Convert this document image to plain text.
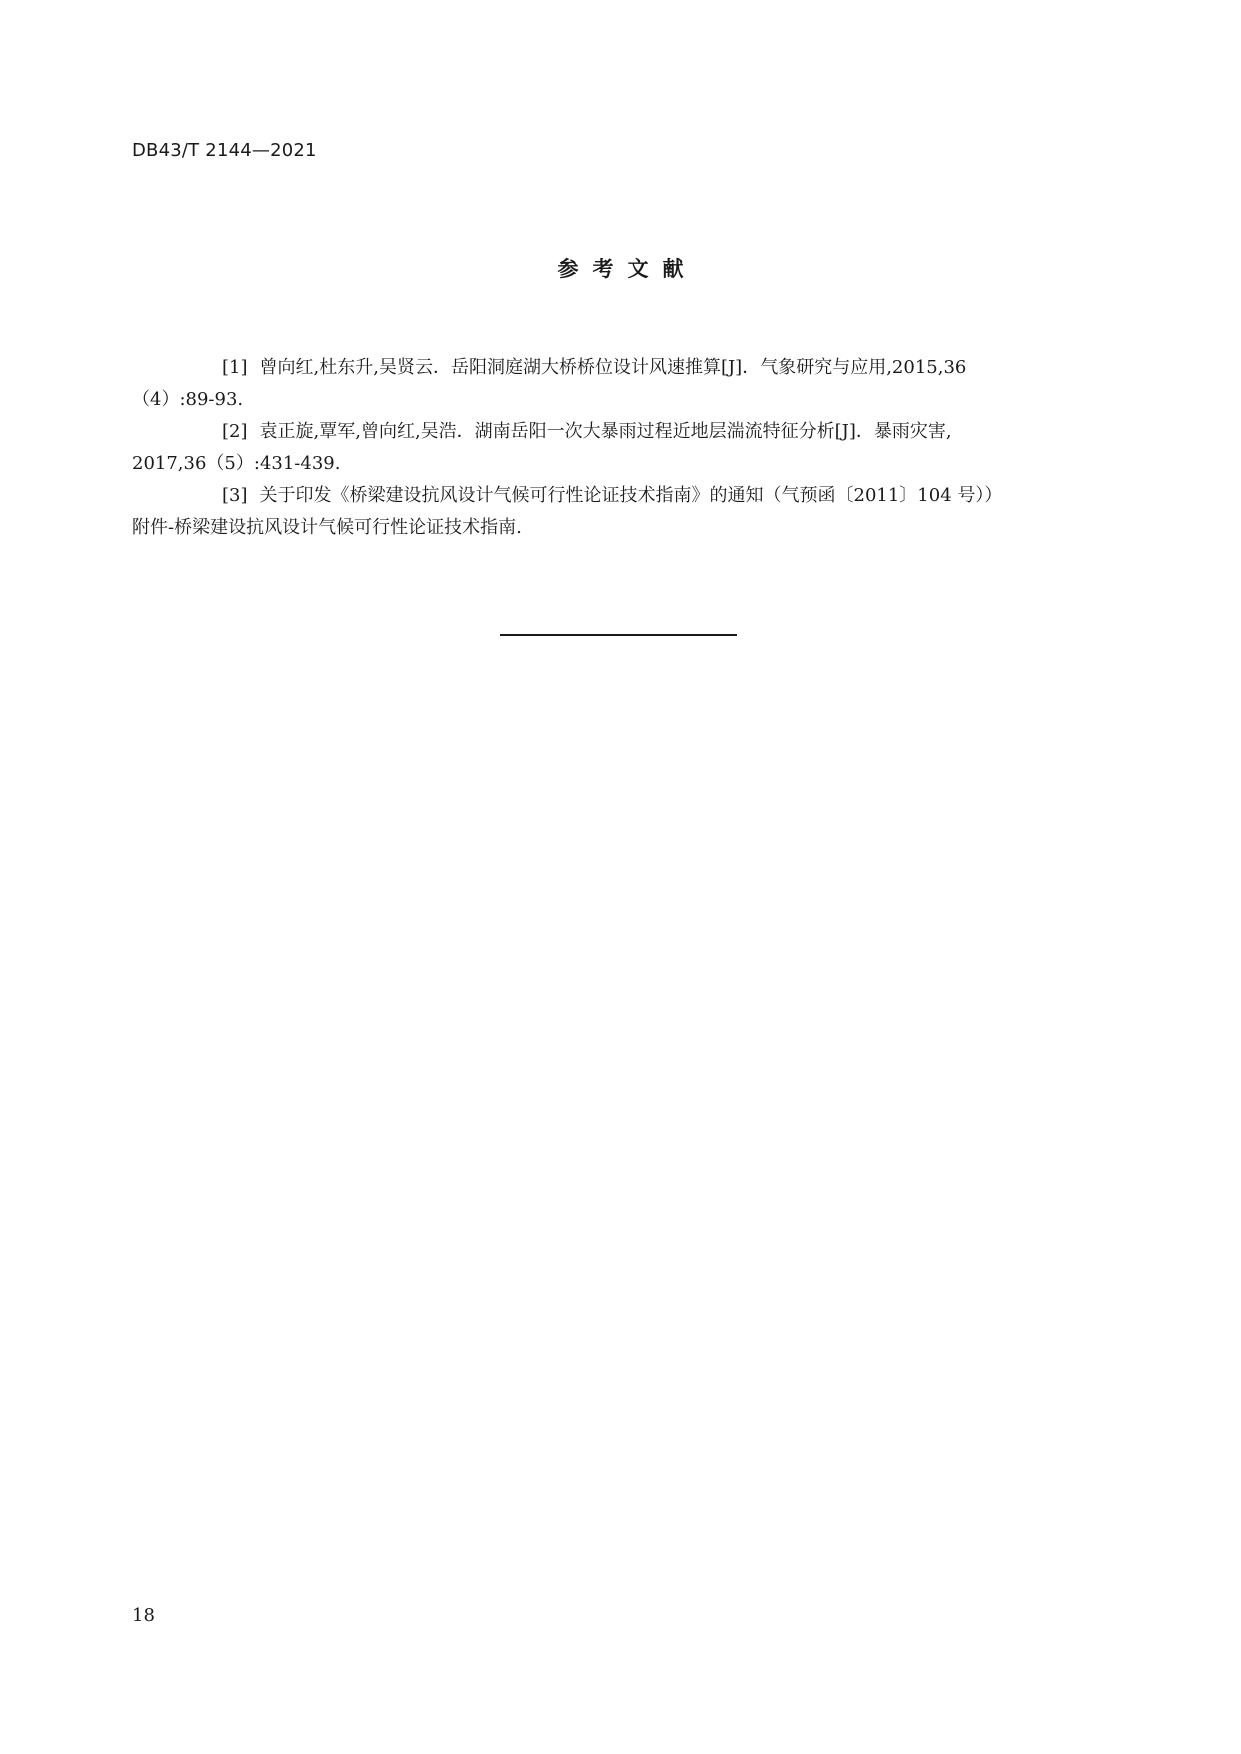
DB43/T 2144—2021
参考文献

[1] 曾向红,杜东升,吴贤云．岳阳洞庭湖大桥桥位设计风速推算[J]．气象研究与应用,2015,36
（4）:89-93.

[2] 袁正旋,覃军,曾向红,吴浩．湖南岳阳一次大暴雨过程近地层湍流特征分析[J]．暴雨灾害,
2017,36（5）:431-439.

[3] 关于印发《桥梁建设抗风设计气候可行性论证技术指南》的通知（气预函〔2011〕104 号））
附件-桥梁建设抗风设计气候可行性论证技术指南.

18
